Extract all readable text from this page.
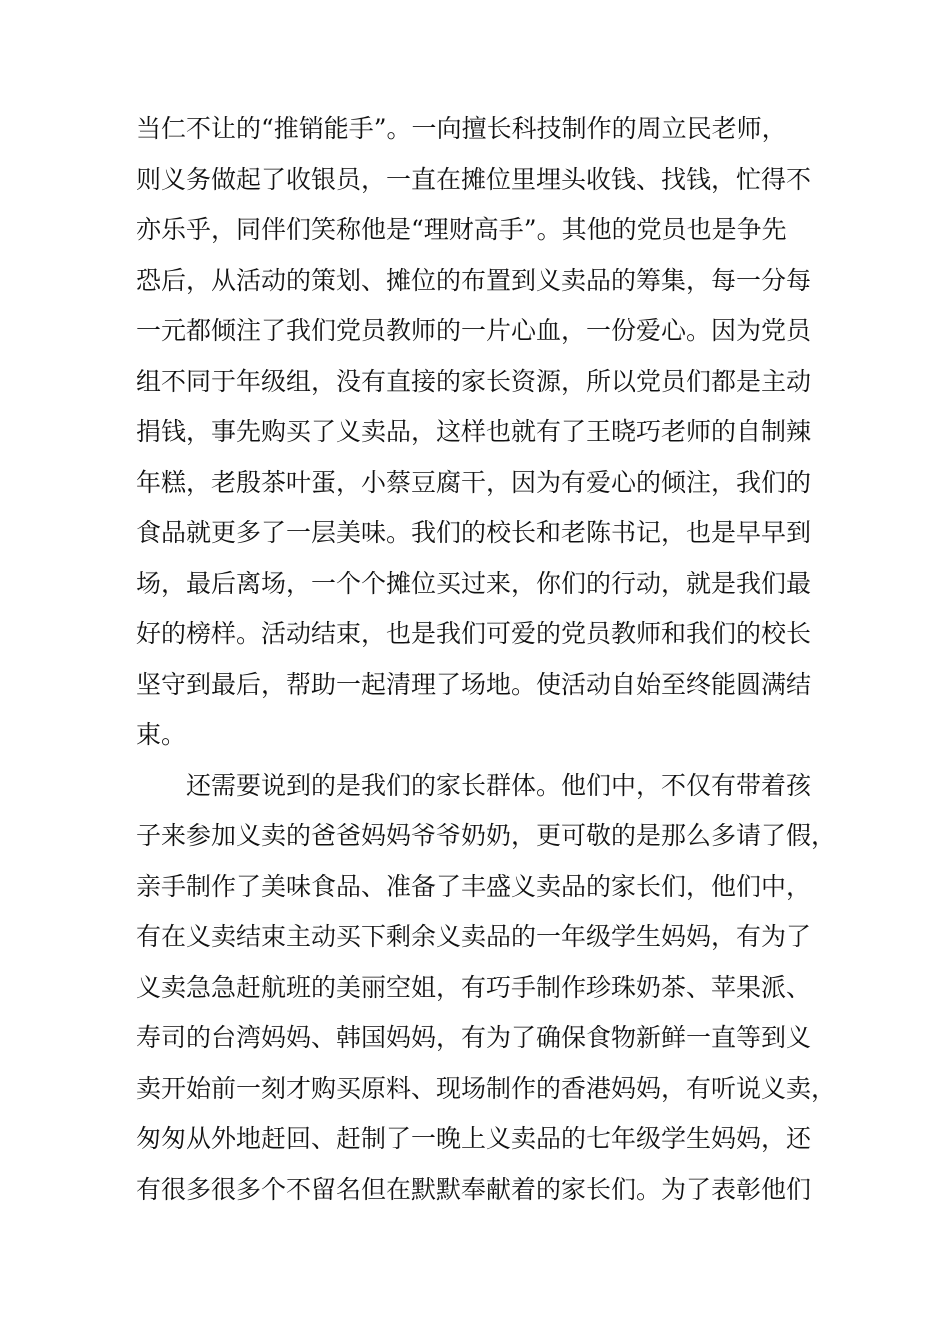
当仁不让的“推销能手”。一向擅长科技制作的周立民老师，
则义务做起了收银员，一直在摊位里埋头收钱、找钱，忙得不
亦乐乎，同伴们笑称他是“理财高手”。其他的党员也是争先
恐后，从活动的策划、摊位的布置到义卖品的筹集，每一分每
一元都倾注了我们党员教师的一片心血，一份爱心。因为党员
组不同于年级组，没有直接的家长资源，所以党员们都是主动
捐钱，事先购买了义卖品，这样也就有了王晓巧老师的自制辣
年糕，老殷茶叶蛋，小蔡豆腐干，因为有爱心的倾注，我们的
食品就更多了一层美味。我们的校长和老陈书记，也是早早到
场，最后离场，一个个摊位买过来，你们的行动，就是我们最
好的榜样。活动结束，也是我们可爱的党员教师和我们的校长
坚守到最后，帮助一起清理了场地。使活动自始至终能圆满结
束。
还需要说到的是我们的家长群体。他们中，不仅有带着孩
子来参加义卖的爸爸妈妈爷爷奶奶，更可敬的是那么多请了假，
亲手制作了美味食品、准备了丰盛义卖品的家长们，他们中，
有在义卖结束主动买下剩余义卖品的一年级学生妈妈，有为了
义卖急急赶航班的美丽空姐，有巧手制作珍珠奶茶、苹果派、
寿司的台湾妈妈、韩国妈妈，有为了确保食物新鲜一直等到义
卖开始前一刻才购买原料、现场制作的香港妈妈，有听说义卖，
匆匆从外地赶回、赶制了一晚上义卖品的七年级学生妈妈，还
有很多很多个不留名但在默默奉献着的家长们。为了表彰他们
